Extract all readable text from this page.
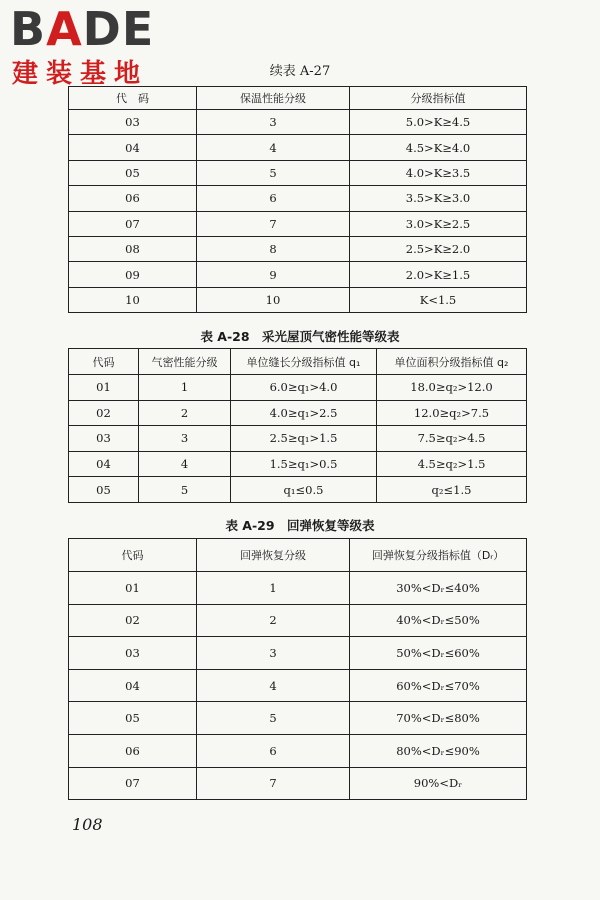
BADE
建装基地	续表 A-27
代　码	保温性能分级	分级指标值
03	3	5.0>K≥4.5
04	4	4.5>K≥4.0
05	5	4.0>K≥3.5
06	6	3.5>K≥3.0
07	7	3.0>K≥2.5
08	8	2.5>K≥2.0
09	9	2.0>K≥1.5
10	10	K<1.5
表 A-28　采光屋顶气密性能等级表
代码	气密性能分级	单位缝长分级指标值 q₁	单位面积分级指标值 q₂
01	1	6.0≥q₁>4.0	18.0≥q₂>12.0
02	2	4.0≥q₁>2.5	12.0≥q₂>7.5
03	3	2.5≥q₁>1.5	7.5≥q₂>4.5
04	4	1.5≥q₁>0.5	4.5≥q₂>1.5
05	5	q₁≤0.5	q₂≤1.5
表 A-29　回弹恢复等级表
代码	回弹恢复分级	回弹恢复分级指标值（Dᵣ）
01	1	30%<Dᵣ≤40%
02	2	40%<Dᵣ≤50%
03	3	50%<Dᵣ≤60%
04	4	60%<Dᵣ≤70%
05	5	70%<Dᵣ≤80%
06	6	80%<Dᵣ≤90%
07	7	90%<Dᵣ
108
